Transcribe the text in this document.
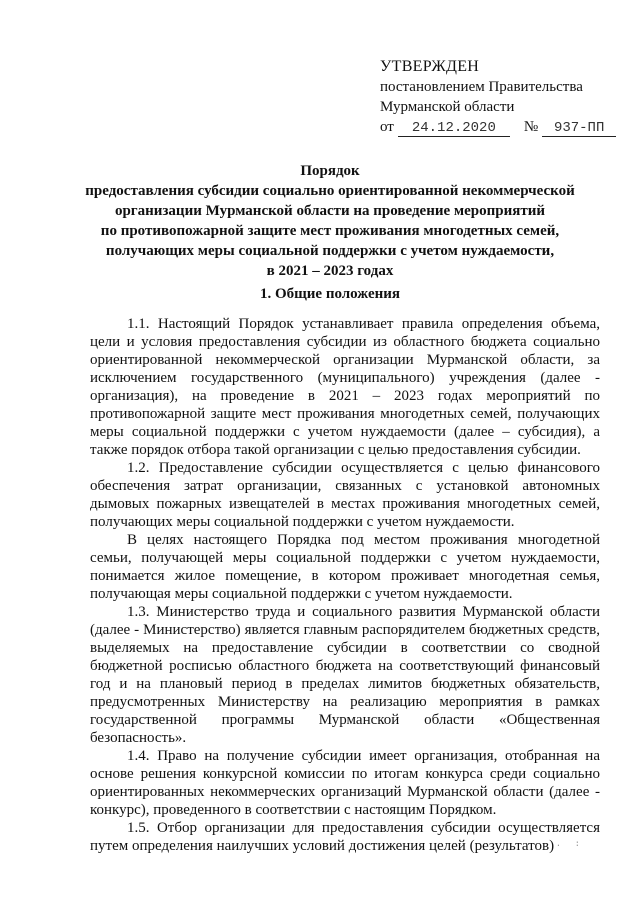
УТВЕРЖДЕН
постановлением Правительства
Мурманской области
от 24.12.2020 № 937-ПП
Порядок
предоставления субсидии социально ориентированной некоммерческой
организации Мурманской области на проведение мероприятий
по противопожарной защите мест проживания многодетных семей,
получающих меры социальной поддержки с учетом нуждаемости,
в 2021 – 2023 годах
1. Общие положения

1.1. Настоящий Порядок устанавливает правила определения объема, цели и условия предоставления субсидии из областного бюджета социально ориентированной некоммерческой организации Мурманской области, за исключением государственного (муниципального) учреждения (далее - организация), на проведение в 2021 – 2023 годах мероприятий по противопожарной защите мест проживания многодетных семей, получающих меры социальной поддержки с учетом нуждаемости (далее – субсидия), а также порядок отбора такой организации с целью предоставления субсидии.

1.2. Предоставление субсидии осуществляется с целью финансового обеспечения затрат организации, связанных с установкой автономных дымовых пожарных извещателей в местах проживания многодетных семей, получающих меры социальной поддержки с учетом нуждаемости.

В целях настоящего Порядка под местом проживания многодетной семьи, получающей меры социальной поддержки с учетом нуждаемости, понимается жилое помещение, в котором проживает многодетная семья, получающая меры социальной поддержки с учетом нуждаемости.

1.3. Министерство труда и социального развития Мурманской области (далее - Министерство) является главным распорядителем бюджетных средств, выделяемых на предоставление субсидии в соответствии со сводной бюджетной росписью областного бюджета на соответствующий финансовый год и на плановый период в пределах лимитов бюджетных обязательств, предусмотренных Министерству на реализацию мероприятия в рамках государственной программы Мурманской области «Общественная безопасность».

1.4. Право на получение субсидии имеет организация, отобранная на основе решения конкурсной комиссии по итогам конкурса среди социально ориентированных некоммерческих организаций Мурманской области (далее - конкурс), проведенного в соответствии с настоящим Порядком.

1.5. Отбор организации для предоставления субсидии осуществляется путем определения наилучших условий достижения целей (результатов) . :
